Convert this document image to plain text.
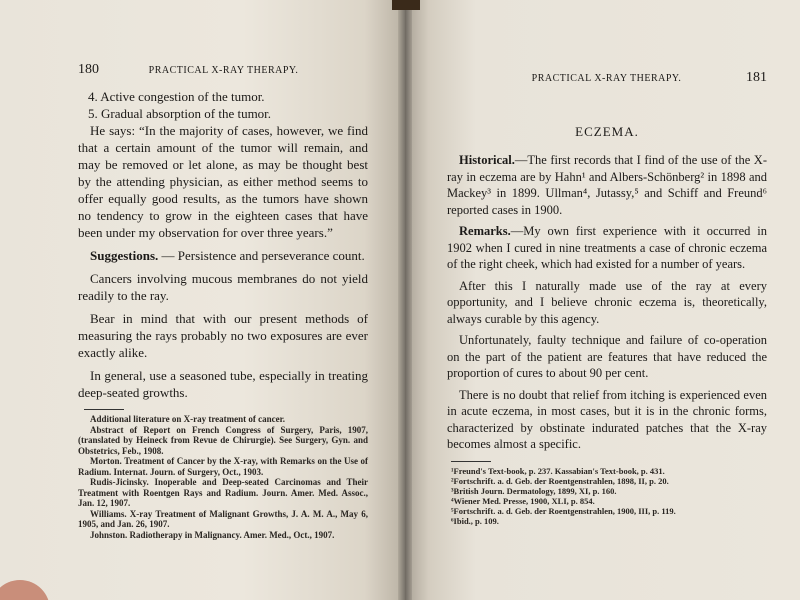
180	PRACTICAL X-RAY THERAPY.
4. Active congestion of the tumor.
5. Gradual absorption of the tumor.

He says: “In the majority of cases, however, we find that a certain amount of the tumor will remain, and may be removed or let alone, as may be thought best by the attending physician, as either method seems to offer equally good results, as the tumors have shown no tendency to grow in the eighteen cases that have been under my observation for over three years.”

Suggestions. — Persistence and perseverance count.

Cancers involving mucous membranes do not yield readily to the ray.

Bear in mind that with our present methods of measuring the rays probably no two exposures are ever exactly alike.

In general, use a seasoned tube, especially in treating deep-seated growths.

Additional literature on X-ray treatment of cancer.

Abstract of Report on French Congress of Surgery, Paris, 1907, (translated by Heineck from Revue de Chirurgie). See Surgery, Gyn. and Obstetrics, Feb., 1908.

Morton. Treatment of Cancer by the X-ray, with Remarks on the Use of Radium. Internat. Journ. of Surgery, Oct., 1903.

Rudis-Jicinsky. Inoperable and Deep-seated Carcinomas and Their Treatment with Roentgen Rays and Radium. Journ. Amer. Med. Assoc., Jan. 12, 1907.

Williams. X-ray Treatment of Malignant Growths, J. A. M. A., May 6, 1905, and Jan. 26, 1907.

Johnston. Radiotherapy in Malignancy. Amer. Med., Oct., 1907.

PRACTICAL X-RAY THERAPY.	181
ECZEMA.

Historical.—The first records that I find of the use of the X-ray in eczema are by Hahn¹ and Albers-Schönberg² in 1898 and Mackey³ in 1899. Ullman⁴, Jutassy,⁵ and Schiff and Freund⁶ reported cases in 1900.

Remarks.—My own first experience with it occurred in 1902 when I cured in nine treatments a case of chronic eczema of the right cheek, which had existed for a number of years.

After this I naturally made use of the ray at every opportunity, and I believe chronic eczema is, theoretically, always curable by this agency.

Unfortunately, faulty technique and failure of co-operation on the part of the patient are features that have reduced the proportion of cures to about 90 per cent.

There is no doubt that relief from itching is experienced even in acute eczema, in most cases, but it is in the chronic forms, characterized by obstinate indurated patches that the X-ray becomes almost a specific.

¹Freund's Text-book, p. 237. Kassabian's Text-book, p. 431.

²Fortschrift. a. d. Geb. der Roentgenstrahlen, 1898, II, p. 20.

³British Journ. Dermatology, 1899, XI, p. 160.

⁴Wiener Med. Presse, 1900, XLI, p. 854.

⁵Fortschrift. a. d. Geb. der Roentgenstrahlen, 1900, III, p. 119.

⁶Ibid., p. 109.
